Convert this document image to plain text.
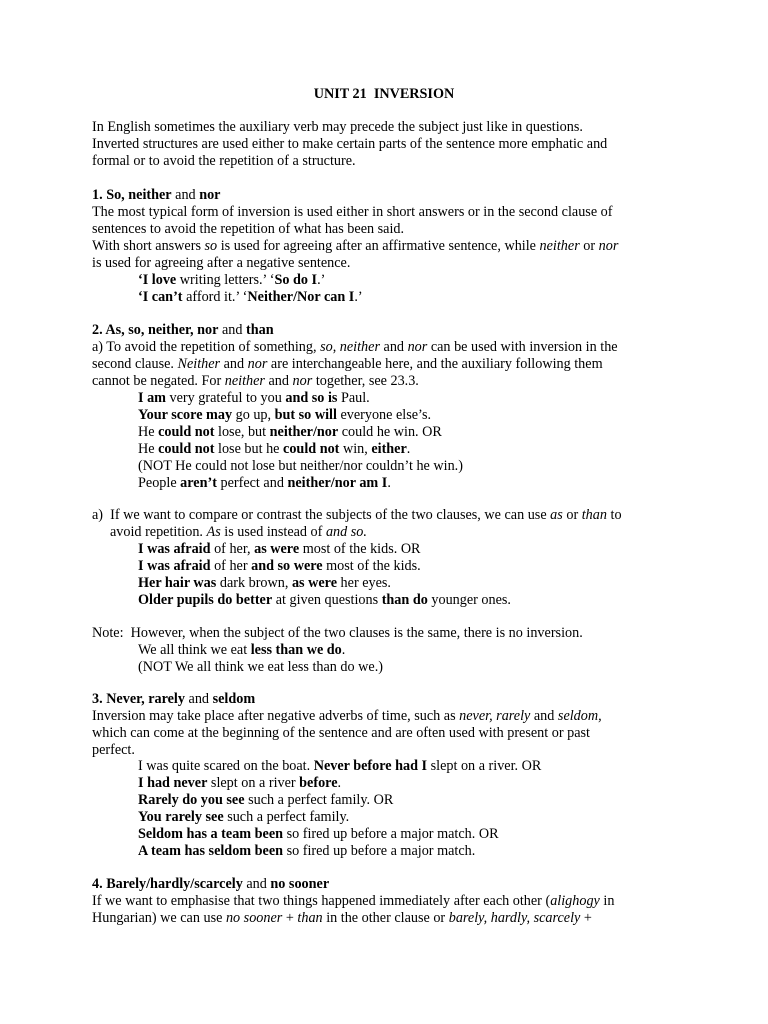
UNIT 21  INVERSION
In English sometimes the auxiliary verb may precede the subject just like in questions.
Inverted structures are used either to make certain parts of the sentence more emphatic and
formal or to avoid the repetition of a structure.
1. So, neither and nor
The most typical form of inversion is used either in short answers or in the second clause of
sentences to avoid the repetition of what has been said.
With short answers so is used for agreeing after an affirmative sentence, while neither or nor
is used for agreeing after a negative sentence.
‘I love writing letters.’ ‘So do I.’
‘I can’t afford it.’ ‘Neither/Nor can I.’
2. As, so, neither, nor and than
a) To avoid the repetition of something, so, neither and nor can be used with inversion in the
second clause. Neither and nor are interchangeable here, and the auxiliary following them
cannot be negated. For neither and nor together, see 23.3.
I am very grateful to you and so is Paul.
Your score may go up, but so will everyone else’s.
He could not lose, but neither/nor could he win. OR
He could not lose but he could not win, either.
(NOT He could not lose but neither/nor couldn’t he win.)
People aren’t perfect and neither/nor am I.
a)  If we want to compare or contrast the subjects of the two clauses, we can use as or than to
avoid repetition. As is used instead of and so.
I was afraid of her, as were most of the kids. OR
I was afraid of her and so were most of the kids.
Her hair was dark brown, as were her eyes.
Older pupils do better at given questions than do younger ones.
Note:  However, when the subject of the two clauses is the same, there is no inversion.
We all think we eat less than we do.
(NOT We all think we eat less than do we.)
3. Never, rarely and seldom
Inversion may take place after negative adverbs of time, such as never, rarely and seldom,
which can come at the beginning of the sentence and are often used with present or past
perfect.
I was quite scared on the boat. Never before had I slept on a river. OR
I had never slept on a river before.
Rarely do you see such a perfect family. OR
You rarely see such a perfect family.
Seldom has a team been so fired up before a major match. OR
A team has seldom been so fired up before a major match.
4. Barely/hardly/scarcely and no sooner
If we want to emphasise that two things happened immediately after each other (alighogy in
Hungarian) we can use no sooner + than in the other clause or barely, hardly, scarcely +
